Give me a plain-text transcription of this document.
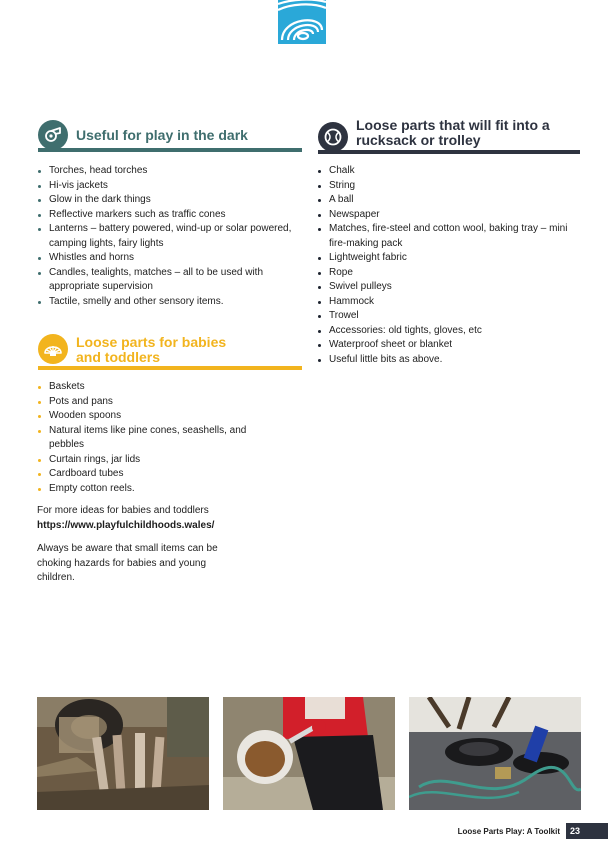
Useful for play in the dark
Torches, head torches
Hi-vis jackets
Glow in the dark things
Reflective markers such as traffic cones
Lanterns – battery powered, wind-up or solar powered, camping lights, fairy lights
Whistles and horns
Candles, tealights, matches – all to be used with appropriate supervision
Tactile, smelly and other sensory items.
Loose parts for babies
and toddlers
Baskets
Pots and pans
Wooden spoons
Natural items like pine cones, seashells, and pebbles
Curtain rings, jar lids
Cardboard tubes
Empty cotton reels.

For more ideas for babies and toddlers
https://www.playfulchildhoods.wales/

Always be aware that small items can be choking hazards for babies and young children.

Loose parts that will fit into a
rucksack or trolley
Chalk
String
A ball
Newspaper
Matches, fire-steel and cotton wool, baking tray – mini fire-making pack
Lightweight fabric
Rope
Swivel pulleys
Hammock
Trowel
Accessories: old tights, gloves, etc
Waterproof sheet or blanket
Useful little bits as above.
Loose Parts Play: A Toolkit	23
